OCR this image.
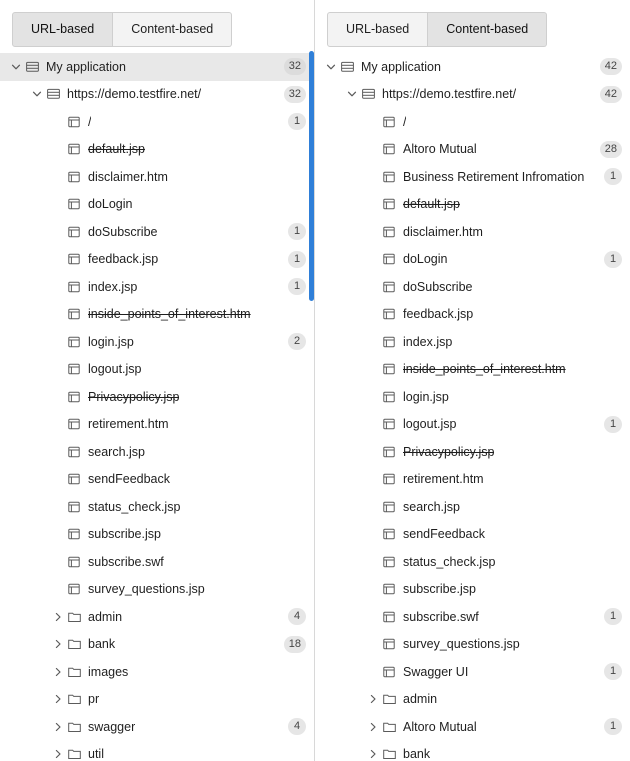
URL-based	Content-based
My application	32
https://demo.testfire.net/	32
/	1
default.jsp
disclaimer.htm
doLogin
doSubscribe	1
feedback.jsp	1
index.jsp	1
inside_points_of_interest.htm
login.jsp	2
logout.jsp
Privacypolicy.jsp
retirement.htm
search.jsp
sendFeedback
status_check.jsp
subscribe.jsp
subscribe.swf
survey_questions.jsp
admin	4
bank	18
images
pr
swagger	4
util
URL-based	Content-based
My application	42
https://demo.testfire.net/	42
/
Altoro Mutual	28
Business Retirement Infromation	1
default.jsp
disclaimer.htm
doLogin	1
doSubscribe
feedback.jsp
index.jsp
inside_points_of_interest.htm
login.jsp
logout.jsp	1
Privacypolicy.jsp
retirement.htm
search.jsp
sendFeedback
status_check.jsp
subscribe.jsp
subscribe.swf	1
survey_questions.jsp
Swagger UI	1
admin
Altoro Mutual	1
bank
